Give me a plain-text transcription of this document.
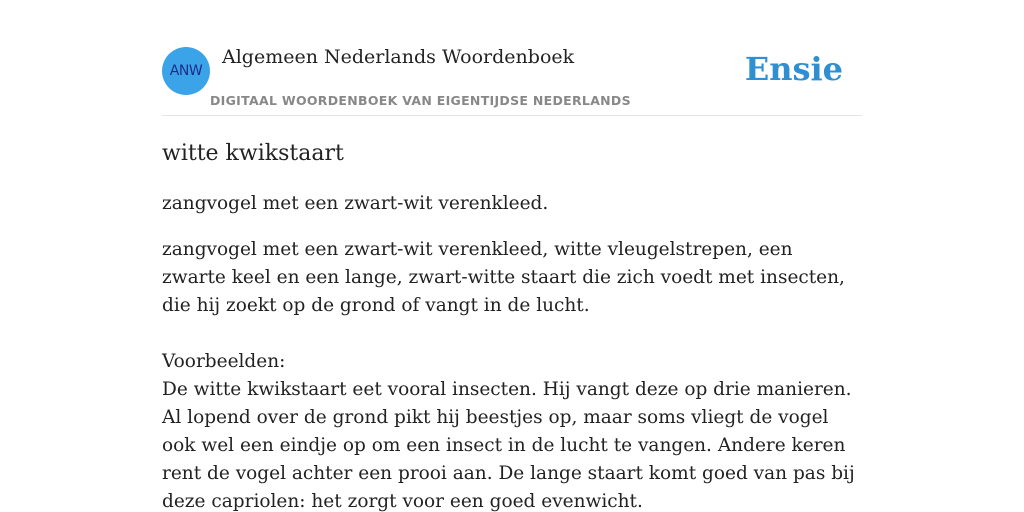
ANW
Algemeen Nederlands Woordenboek
DIGITAAL WOORDENBOEK VAN EIGENTIJDSE NEDERLANDS
Ensie
witte kwikstaart

zangvogel met een zwart-wit verenkleed.

zangvogel met een zwart-wit verenkleed, witte vleugelstrepen, een zwarte keel en een lange, zwart-witte staart die zich voedt met insecten, die hij zoekt op de grond of vangt in de lucht.

Voorbeelden:

De witte kwikstaart eet vooral insecten. Hij vangt deze op drie manieren. Al lopend over de grond pikt hij beestjes op, maar soms vliegt de vogel ook wel een eindje op om een insect in de lucht te vangen. Andere keren rent de vogel achter een prooi aan. De lange staart komt goed van pas bij deze capriolen: het zorgt voor een goed evenwicht.
